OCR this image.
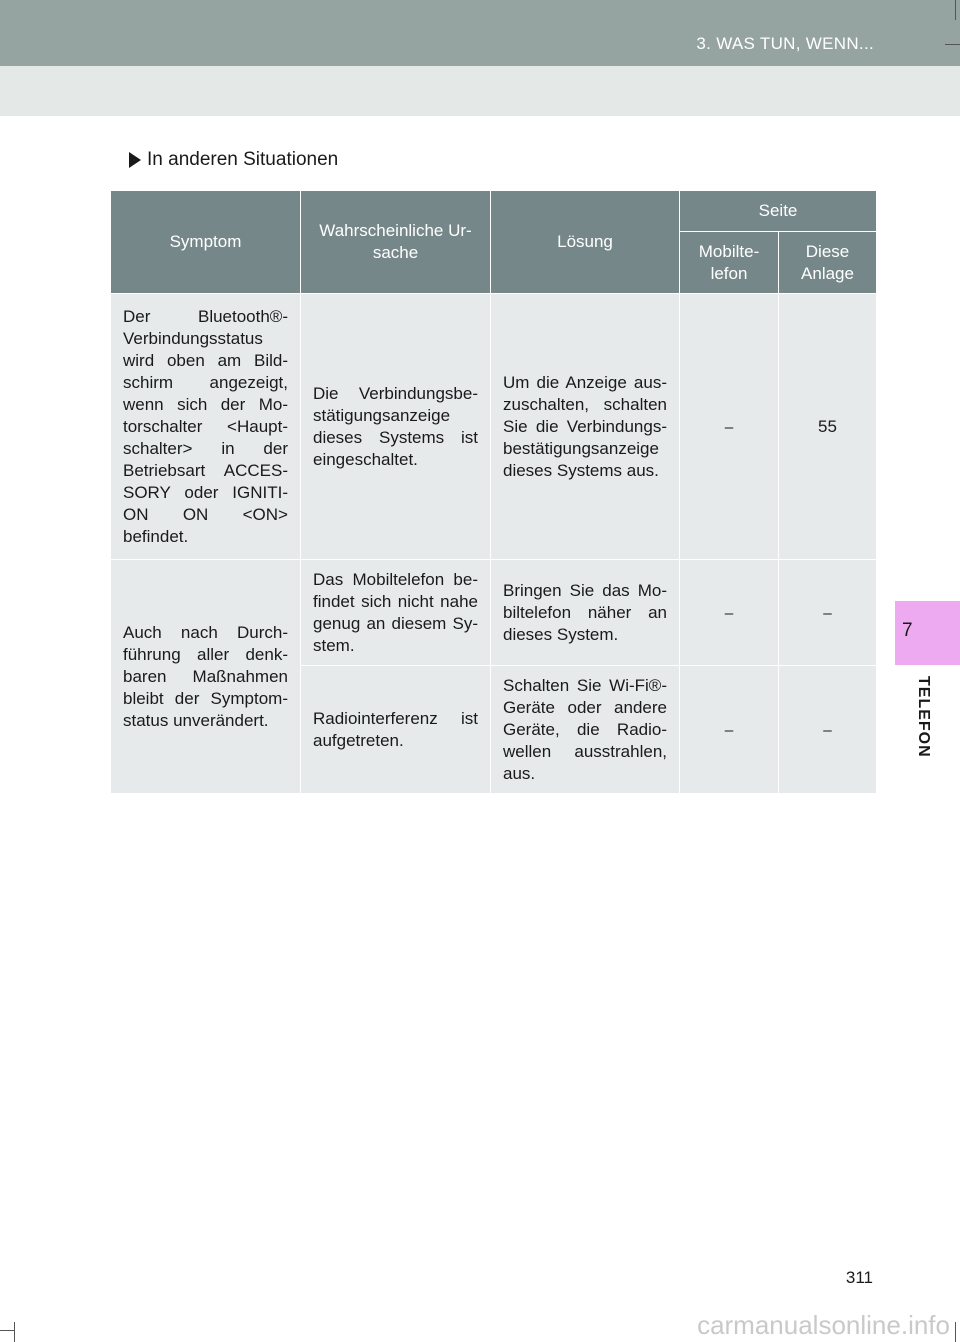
3. WAS TUN, WENN...
In anderen Situationen
Symptom	Wahrscheinliche Ur-sache	Lösung	Seite	
			Mobilte-lefon	Diese Anlage
Der Bluetooth®-Verbindungsstatus wird oben am Bild-schirm angezeigt, wenn sich der Mo-torschalter <Haupt-schalter> in der Betriebsart ACCES-SORY oder IGNITI-ON ON <ON> befindet.	Die Verbindungsbe-stätigungsanzeige dieses Systems ist eingeschaltet.	Um die Anzeige aus-zuschalten, schalten Sie die Verbindungs-bestätigungsanzeige dieses Systems aus.	⎯	55
Auch nach Durch-führung aller denk-baren Maßnahmen bleibt der Symptom-status unverändert.	Das Mobiltelefon be-findet sich nicht nahe genug an diesem Sy-stem.	Bringen Sie das Mo-biltelefon näher an dieses System.	⎯	⎯
	Radiointerferenz ist aufgetreten.	Schalten Sie Wi-Fi®-Geräte oder andere Geräte, die Radio-wellen ausstrahlen, aus.	⎯	⎯
7
TELEFON
311
carmanualsonline.info
